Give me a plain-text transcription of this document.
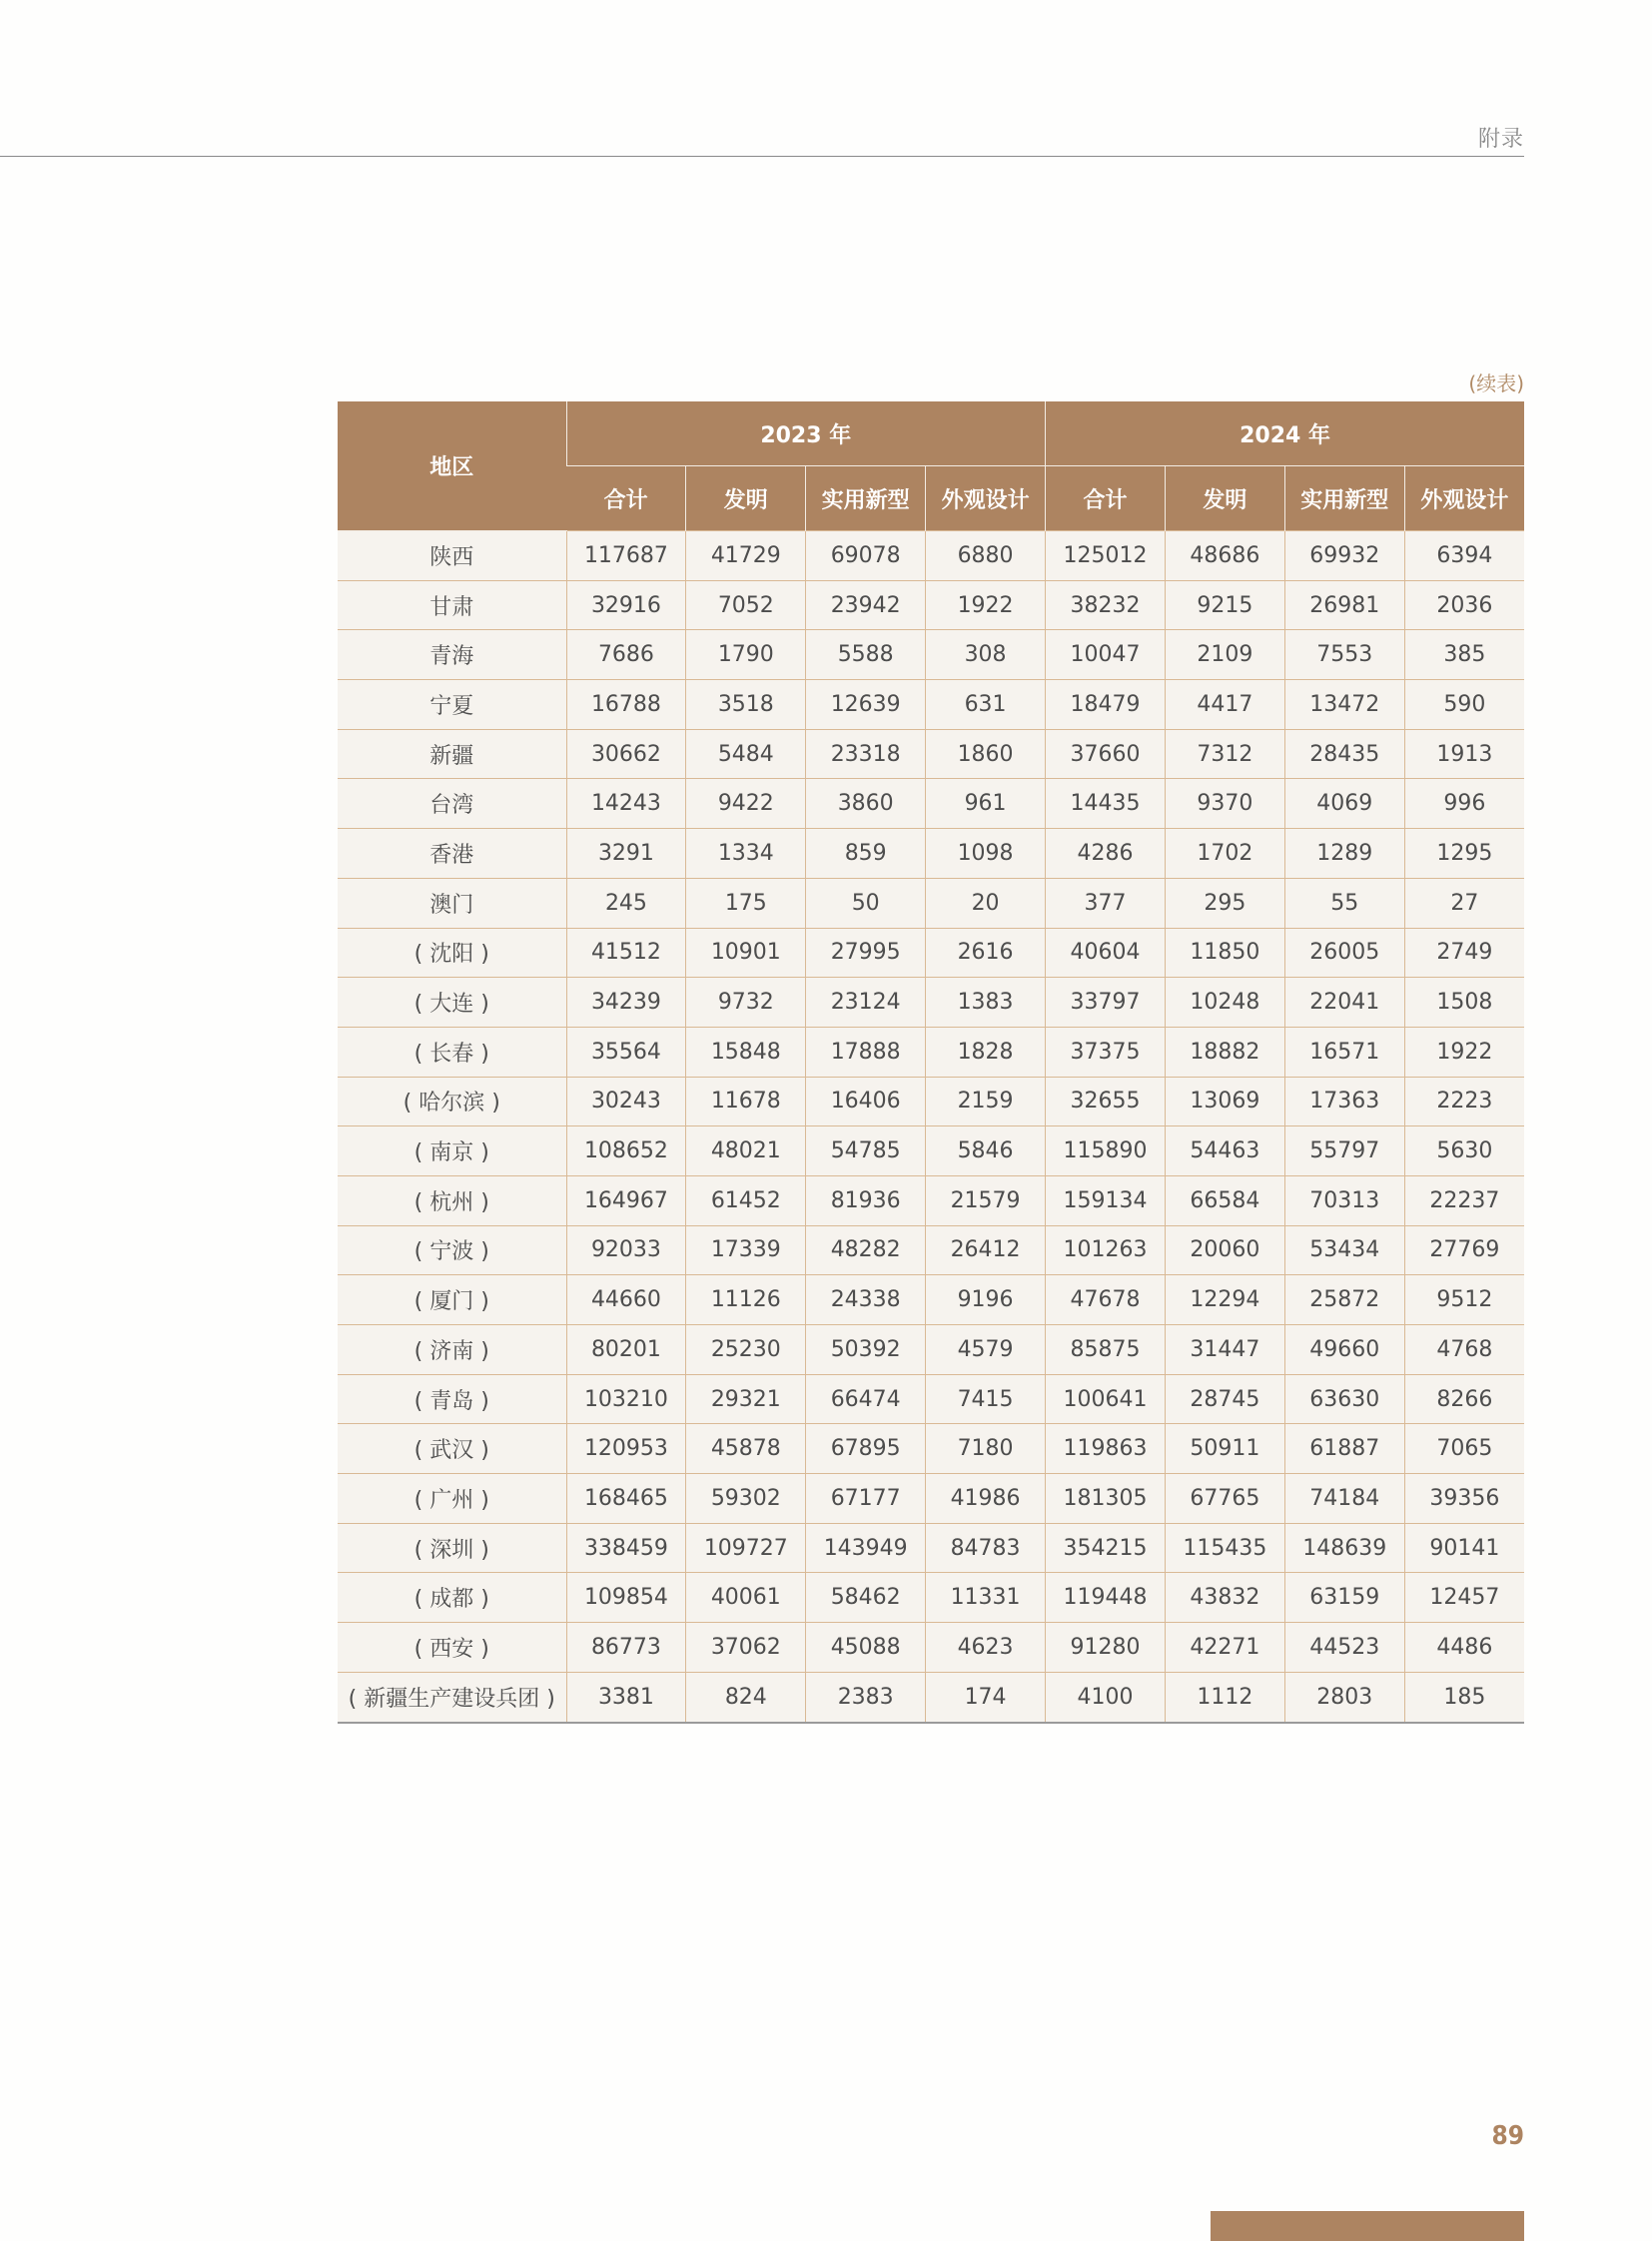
附录
(续表)
地区	2023 年				2024 年			
	合计	发明	实用新型	外观设计	合计	发明	实用新型	外观设计
陕西	117687	41729	69078	6880	125012	48686	69932	6394
甘肃	32916	7052	23942	1922	38232	9215	26981	2036
青海	7686	1790	5588	308	10047	2109	7553	385
宁夏	16788	3518	12639	631	18479	4417	13472	590
新疆	30662	5484	23318	1860	37660	7312	28435	1913
台湾	14243	9422	3860	961	14435	9370	4069	996
香港	3291	1334	859	1098	4286	1702	1289	1295
澳门	245	175	50	20	377	295	55	27
( 沈阳 )	41512	10901	27995	2616	40604	11850	26005	2749
( 大连 )	34239	9732	23124	1383	33797	10248	22041	1508
( 长春 )	35564	15848	17888	1828	37375	18882	16571	1922
( 哈尔滨 )	30243	11678	16406	2159	32655	13069	17363	2223
( 南京 )	108652	48021	54785	5846	115890	54463	55797	5630
( 杭州 )	164967	61452	81936	21579	159134	66584	70313	22237
( 宁波 )	92033	17339	48282	26412	101263	20060	53434	27769
( 厦门 )	44660	11126	24338	9196	47678	12294	25872	9512
( 济南 )	80201	25230	50392	4579	85875	31447	49660	4768
( 青岛 )	103210	29321	66474	7415	100641	28745	63630	8266
( 武汉 )	120953	45878	67895	7180	119863	50911	61887	7065
( 广州 )	168465	59302	67177	41986	181305	67765	74184	39356
( 深圳 )	338459	109727	143949	84783	354215	115435	148639	90141
( 成都 )	109854	40061	58462	11331	119448	43832	63159	12457
( 西安 )	86773	37062	45088	4623	91280	42271	44523	4486
( 新疆生产建设兵团 )	3381	824	2383	174	4100	1112	2803	185
89
